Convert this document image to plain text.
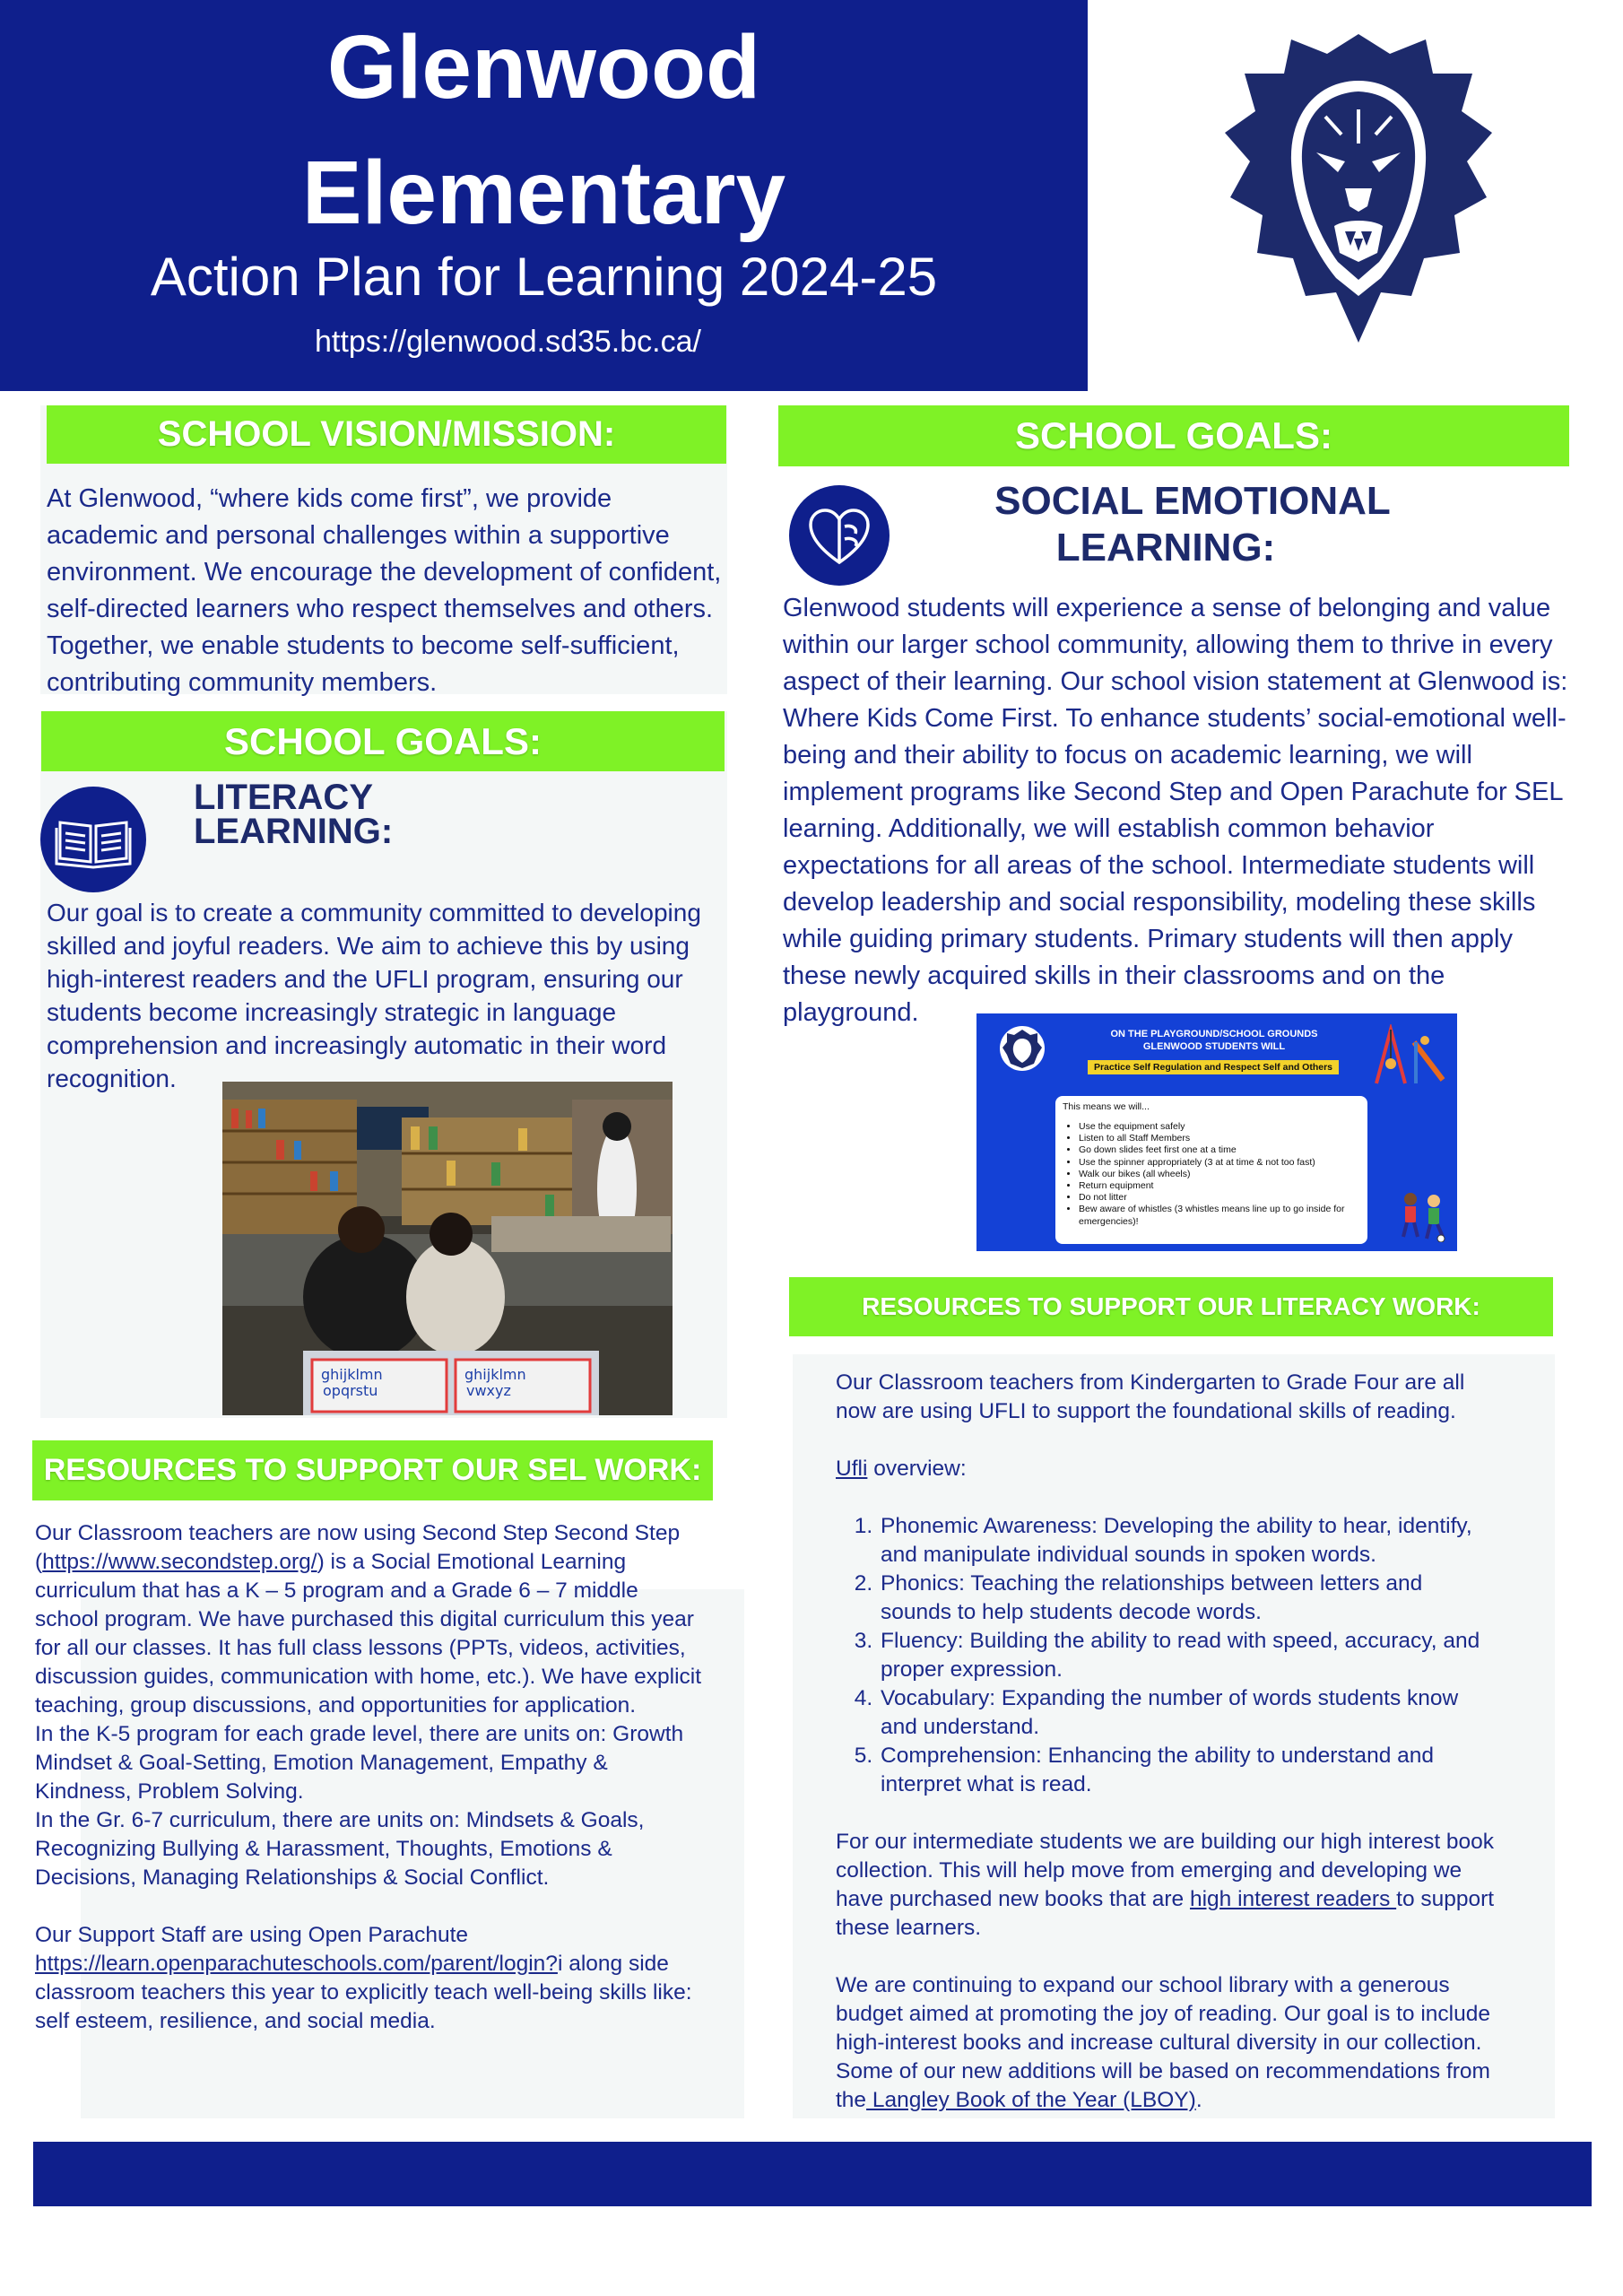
Glenwood
Elementary
Action Plan for Learning 2024-25
https://glenwood.sd35.bc.ca/
SCHOOL VISION/MISSION:
At Glenwood, “where kids come first”, we provide academic and personal challenges within a supportive environment. We encourage the development of confident, self-directed learners who respect themselves and others. Together, we enable students to become self-sufficient, contributing community members.
SCHOOL GOALS:
LITERACY
LEARNING:
Our goal is to create a community committed to developing skilled and joyful readers. We aim to achieve this by using high-interest readers and the UFLI program, ensuring our students become increasingly strategic in language comprehension and increasingly automatic in their word recognition.
ghijklmn
opqrstu
ghijklmn
vwxyz
SCHOOL GOALS:
SOCIAL EMOTIONAL
LEARNING:
Glenwood students will experience a sense of belonging and value within our larger school community, allowing them to thrive in every aspect of their learning. Our school vision statement at Glenwood is: Where Kids Come First. To enhance students’ social-emotional well-being and their ability to focus on academic learning, we will implement programs like Second Step and Open Parachute for SEL learning. Additionally, we will establish common behavior expectations for all areas of the school. Intermediate students will develop leadership and social responsibility, modeling these skills while guiding primary students. Primary students will then apply these newly acquired skills in their classrooms and on the playground.
ON THE PLAYGROUND/SCHOOL GROUNDS
GLENWOOD STUDENTS WILL
Practice Self Regulation and Respect Self and Others
This means we will...
• Use the equipment safely
• Listen to all Staff Members
• Go down slides feet first one at a time
• Use the spinner appropriately (3 at at time & not too fast)
• Walk our bikes (all wheels)
• Return equipment
• Do not litter
• Bew aware of whistles (3 whistles means line up to go inside for emergencies)!
RESOURCES TO SUPPORT OUR SEL WORK:
Our Classroom teachers are now using Second Step Second Step (https://www.secondstep.org/) is a Social Emotional Learning curriculum that has a K – 5 program and a Grade 6 – 7 middle school program. We have purchased this digital curriculum this year for all our classes. It has full class lessons (PPTs, videos, activities, discussion guides, communication with home, etc.). We have explicit teaching, group discussions, and opportunities for application.
In the K-5 program for each grade level, there are units on: Growth Mindset & Goal-Setting, Emotion Management, Empathy & Kindness, Problem Solving.
In the Gr. 6-7 curriculum, there are units on: Mindsets & Goals, Recognizing Bullying & Harassment, Thoughts, Emotions & Decisions, Managing Relationships & Social Conflict.
Our Support Staff are using Open Parachute https://learn.openparachuteschools.com/parent/login?i along side classroom teachers this year to explicitly teach well-being skills like: self esteem, resilience, and social media.
RESOURCES TO SUPPORT OUR LITERACY WORK:
Our Classroom teachers from Kindergarten to Grade Four are all now are using UFLI to support the foundational skills of reading.
Ufli overview:
1. Phonemic Awareness: Developing the ability to hear, identify, and manipulate individual sounds in spoken words.
2. Phonics: Teaching the relationships between letters and sounds to help students decode words.
3. Fluency: Building the ability to read with speed, accuracy, and proper expression.
4. Vocabulary: Expanding the number of words students know and understand.
5. Comprehension: Enhancing the ability to understand and interpret what is read.
For our intermediate students we are building our high interest book collection. This will help move from emerging and developing we have purchased new books that are high interest readers to support these learners.
We are continuing to expand our school library with a generous budget aimed at promoting the joy of reading. Our goal is to include high-interest books and increase cultural diversity in our collection. Some of our new additions will be based on recommendations from the Langley Book of the Year (LBOY).
